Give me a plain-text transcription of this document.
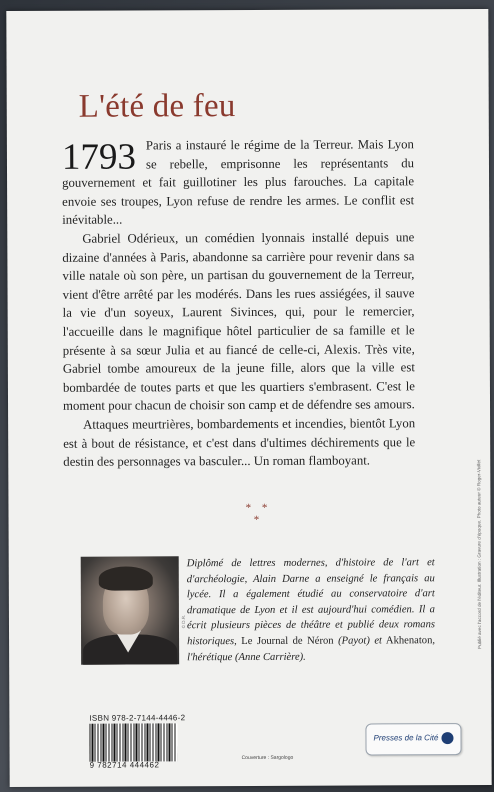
L'été de feu

1793 Paris a instauré le régime de la Terreur. Mais Lyon se rebelle, emprisonne les représentants du gouvernement et fait guillotiner les plus farouches. La capitale envoie ses troupes, Lyon refuse de rendre les armes. Le conflit est inévitable...

Gabriel Odérieux, un comédien lyonnais installé depuis une dizaine d'années à Paris, abandonne sa carrière pour revenir dans sa ville natale où son père, un partisan du gouvernement de la Terreur, vient d'être arrêté par les modérés. Dans les rues assiégées, il sauve la vie d'un soyeux, Laurent Sivinces, qui, pour le remercier, l'accueille dans le magnifique hôtel particulier de sa famille et le présente à sa sœur Julia et au fiancé de celle-ci, Alexis. Très vite, Gabriel tombe amoureux de la jeune fille, alors que la ville est bombardée de toutes parts et que les quartiers s'embrasent. C'est le moment pour chacun de choisir son camp et de défendre ses amours.

Attaques meurtrières, bombardements et incendies, bientôt Lyon est à bout de résistance, et c'est dans d'ultimes déchirements que le destin des personnages va basculer... Un roman flamboyant.

* * *
© D.R.
Diplômé de lettres modernes, d'histoire de l'art et d'archéologie, Alain Darne a enseigné le français au lycée. Il a également étudié au conservatoire d'art dramatique de Lyon et il est aujourd'hui comédien. Il a écrit plusieurs pièces de théâtre et publié deux romans historiques, Le Journal de Néron (Payot) et Akhenaton, l'hérétique (Anne Carrière).
Publié avec l'accord de l'éditeur. Illustration : Gravure d'époque. Photo auteur © Roger-Viollet
ISBN 978-2-7144-4446-2
9 782714 444462
Couverture : Sargologo
Presses de la Cité
